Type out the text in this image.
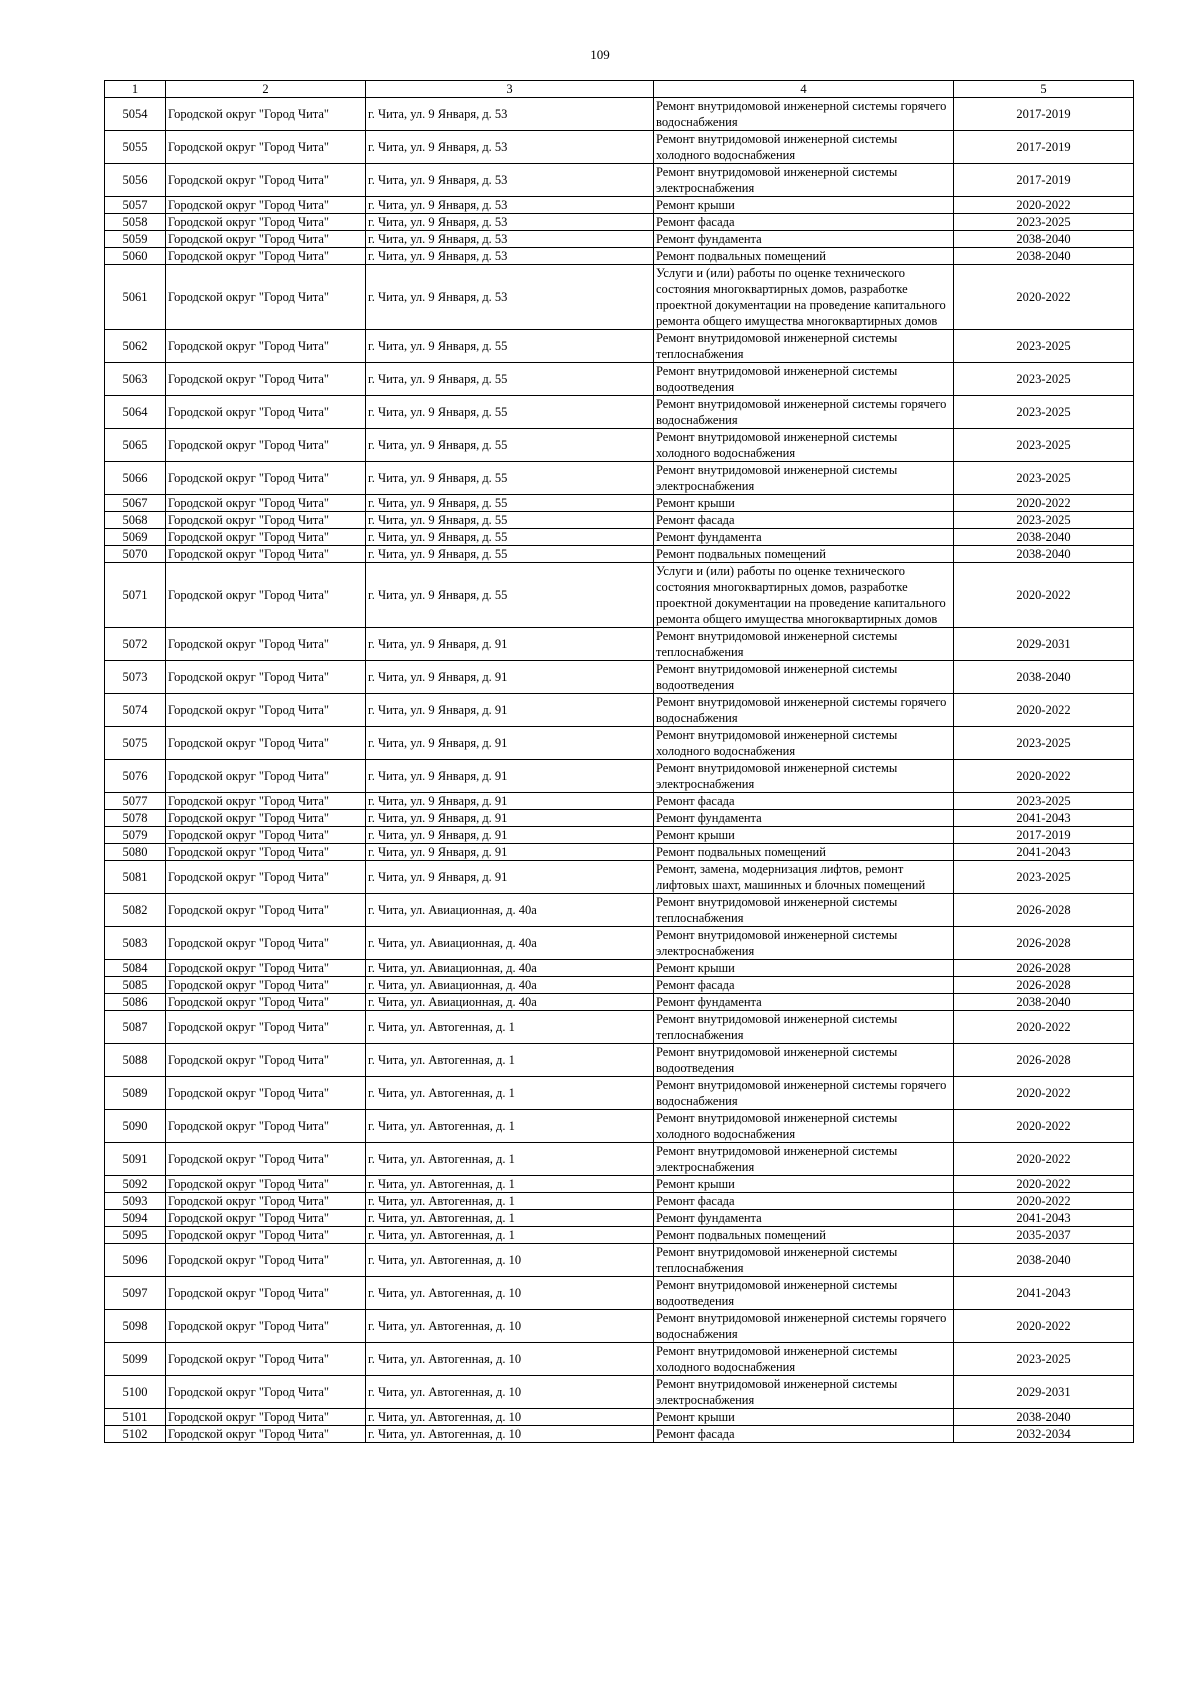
109
1	2	3	4	5
5054	Городской округ "Город Чита"	г. Чита, ул. 9 Января, д. 53	Ремонт внутридомовой инженерной системы горячего водоснабжения	2017-2019
5055	Городской округ "Город Чита"	г. Чита, ул. 9 Января, д. 53	Ремонт внутридомовой инженерной системы холодного водоснабжения	2017-2019
5056	Городской округ "Город Чита"	г. Чита, ул. 9 Января, д. 53	Ремонт внутридомовой инженерной системы электроснабжения	2017-2019
5057	Городской округ "Город Чита"	г. Чита, ул. 9 Января, д. 53	Ремонт крыши	2020-2022
5058	Городской округ "Город Чита"	г. Чита, ул. 9 Января, д. 53	Ремонт фасада	2023-2025
5059	Городской округ "Город Чита"	г. Чита, ул. 9 Января, д. 53	Ремонт фундамента	2038-2040
5060	Городской округ "Город Чита"	г. Чита, ул. 9 Января, д. 53	Ремонт подвальных помещений	2038-2040
5061	Городской округ "Город Чита"	г. Чита, ул. 9 Января, д. 53	Услуги и (или) работы по оценке технического состояния многоквартирных домов, разработке проектной документации на проведение капитального ремонта общего имущества многоквартирных домов	2020-2022
5062	Городской округ "Город Чита"	г. Чита, ул. 9 Января, д. 55	Ремонт внутридомовой инженерной системы теплоснабжения	2023-2025
5063	Городской округ "Город Чита"	г. Чита, ул. 9 Января, д. 55	Ремонт внутридомовой инженерной системы водоотведения	2023-2025
5064	Городской округ "Город Чита"	г. Чита, ул. 9 Января, д. 55	Ремонт внутридомовой инженерной системы горячего водоснабжения	2023-2025
5065	Городской округ "Город Чита"	г. Чита, ул. 9 Января, д. 55	Ремонт внутридомовой инженерной системы холодного водоснабжения	2023-2025
5066	Городской округ "Город Чита"	г. Чита, ул. 9 Января, д. 55	Ремонт внутридомовой инженерной системы электроснабжения	2023-2025
5067	Городской округ "Город Чита"	г. Чита, ул. 9 Января, д. 55	Ремонт крыши	2020-2022
5068	Городской округ "Город Чита"	г. Чита, ул. 9 Января, д. 55	Ремонт фасада	2023-2025
5069	Городской округ "Город Чита"	г. Чита, ул. 9 Января, д. 55	Ремонт фундамента	2038-2040
5070	Городской округ "Город Чита"	г. Чита, ул. 9 Января, д. 55	Ремонт подвальных помещений	2038-2040
5071	Городской округ "Город Чита"	г. Чита, ул. 9 Января, д. 55	Услуги и (или) работы по оценке технического состояния многоквартирных домов, разработке проектной документации на проведение капитального ремонта общего имущества многоквартирных домов	2020-2022
5072	Городской округ "Город Чита"	г. Чита, ул. 9 Января, д. 91	Ремонт внутридомовой инженерной системы теплоснабжения	2029-2031
5073	Городской округ "Город Чита"	г. Чита, ул. 9 Января, д. 91	Ремонт внутридомовой инженерной системы водоотведения	2038-2040
5074	Городской округ "Город Чита"	г. Чита, ул. 9 Января, д. 91	Ремонт внутридомовой инженерной системы горячего водоснабжения	2020-2022
5075	Городской округ "Город Чита"	г. Чита, ул. 9 Января, д. 91	Ремонт внутридомовой инженерной системы холодного водоснабжения	2023-2025
5076	Городской округ "Город Чита"	г. Чита, ул. 9 Января, д. 91	Ремонт внутридомовой инженерной системы электроснабжения	2020-2022
5077	Городской округ "Город Чита"	г. Чита, ул. 9 Января, д. 91	Ремонт фасада	2023-2025
5078	Городской округ "Город Чита"	г. Чита, ул. 9 Января, д. 91	Ремонт фундамента	2041-2043
5079	Городской округ "Город Чита"	г. Чита, ул. 9 Января, д. 91	Ремонт крыши	2017-2019
5080	Городской округ "Город Чита"	г. Чита, ул. 9 Января, д. 91	Ремонт подвальных помещений	2041-2043
5081	Городской округ "Город Чита"	г. Чита, ул. 9 Января, д. 91	Ремонт, замена, модернизация лифтов, ремонт лифтовых шахт, машинных и блочных помещений	2023-2025
5082	Городской округ "Город Чита"	г. Чита, ул. Авиационная, д. 40а	Ремонт внутридомовой инженерной системы теплоснабжения	2026-2028
5083	Городской округ "Город Чита"	г. Чита, ул. Авиационная, д. 40а	Ремонт внутридомовой инженерной системы электроснабжения	2026-2028
5084	Городской округ "Город Чита"	г. Чита, ул. Авиационная, д. 40а	Ремонт крыши	2026-2028
5085	Городской округ "Город Чита"	г. Чита, ул. Авиационная, д. 40а	Ремонт фасада	2026-2028
5086	Городской округ "Город Чита"	г. Чита, ул. Авиационная, д. 40а	Ремонт фундамента	2038-2040
5087	Городской округ "Город Чита"	г. Чита, ул. Автогенная, д. 1	Ремонт внутридомовой инженерной системы теплоснабжения	2020-2022
5088	Городской округ "Город Чита"	г. Чита, ул. Автогенная, д. 1	Ремонт внутридомовой инженерной системы водоотведения	2026-2028
5089	Городской округ "Город Чита"	г. Чита, ул. Автогенная, д. 1	Ремонт внутридомовой инженерной системы горячего водоснабжения	2020-2022
5090	Городской округ "Город Чита"	г. Чита, ул. Автогенная, д. 1	Ремонт внутридомовой инженерной системы холодного водоснабжения	2020-2022
5091	Городской округ "Город Чита"	г. Чита, ул. Автогенная, д. 1	Ремонт внутридомовой инженерной системы электроснабжения	2020-2022
5092	Городской округ "Город Чита"	г. Чита, ул. Автогенная, д. 1	Ремонт крыши	2020-2022
5093	Городской округ "Город Чита"	г. Чита, ул. Автогенная, д. 1	Ремонт фасада	2020-2022
5094	Городской округ "Город Чита"	г. Чита, ул. Автогенная, д. 1	Ремонт фундамента	2041-2043
5095	Городской округ "Город Чита"	г. Чита, ул. Автогенная, д. 1	Ремонт подвальных помещений	2035-2037
5096	Городской округ "Город Чита"	г. Чита, ул. Автогенная, д. 10	Ремонт внутридомовой инженерной системы теплоснабжения	2038-2040
5097	Городской округ "Город Чита"	г. Чита, ул. Автогенная, д. 10	Ремонт внутридомовой инженерной системы водоотведения	2041-2043
5098	Городской округ "Город Чита"	г. Чита, ул. Автогенная, д. 10	Ремонт внутридомовой инженерной системы горячего водоснабжения	2020-2022
5099	Городской округ "Город Чита"	г. Чита, ул. Автогенная, д. 10	Ремонт внутридомовой инженерной системы холодного водоснабжения	2023-2025
5100	Городской округ "Город Чита"	г. Чита, ул. Автогенная, д. 10	Ремонт внутридомовой инженерной системы электроснабжения	2029-2031
5101	Городской округ "Город Чита"	г. Чита, ул. Автогенная, д. 10	Ремонт крыши	2038-2040
5102	Городской округ "Город Чита"	г. Чита, ул. Автогенная, д. 10	Ремонт фасада	2032-2034
